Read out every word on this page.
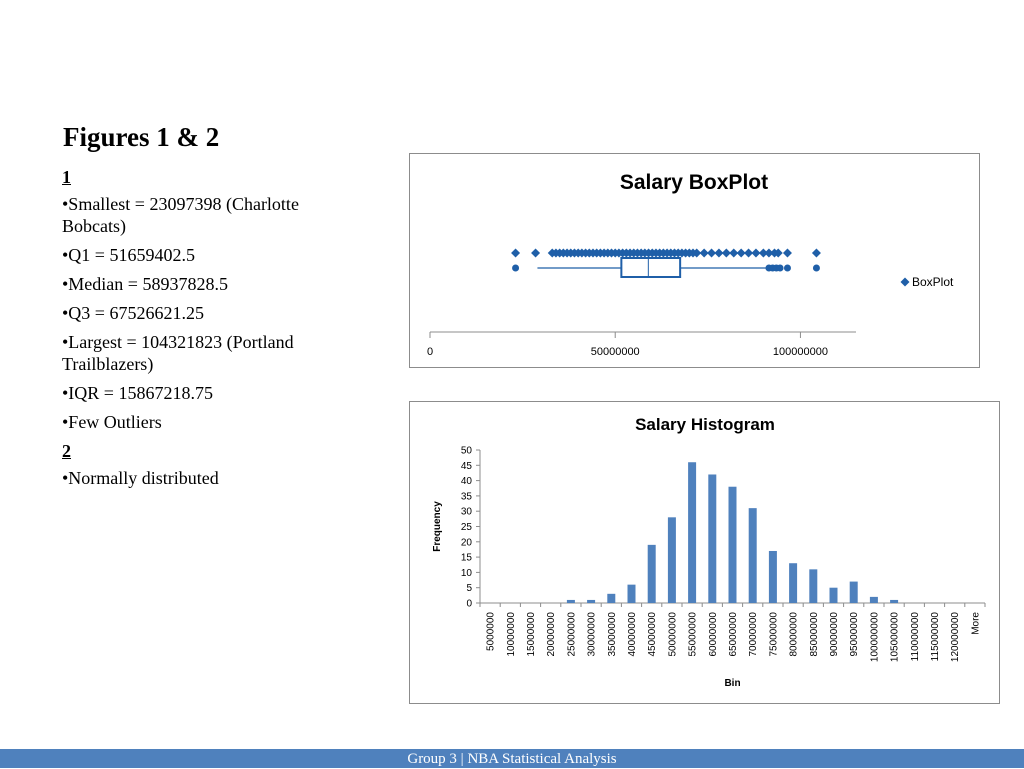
Figures 1 & 2
1
•Smallest = 23097398 (Charlotte Bobcats)
•Q1 = 51659402.5
•Median = 58937828.5
•Q3 = 67526621.25
•Largest = 104321823 (Portland Trailblazers)
•IQR = 15867218.75
•Few Outliers
2
•Normally distributed
Salary BoxPlot
0	50000000	100000000
BoxPlot
Salary Histogram
0
5
10
15
20
25
30
35
40
45
50
5000000 10000000 15000000 20000000 25000000 30000000 35000000 40000000 45000000 50000000 55000000 60000000 65000000 70000000 75000000 80000000 85000000 90000000 95000000 100000000 105000000 110000000 115000000 120000000 More
Frequency
Bin
Group 3 | NBA Statistical Analysis
